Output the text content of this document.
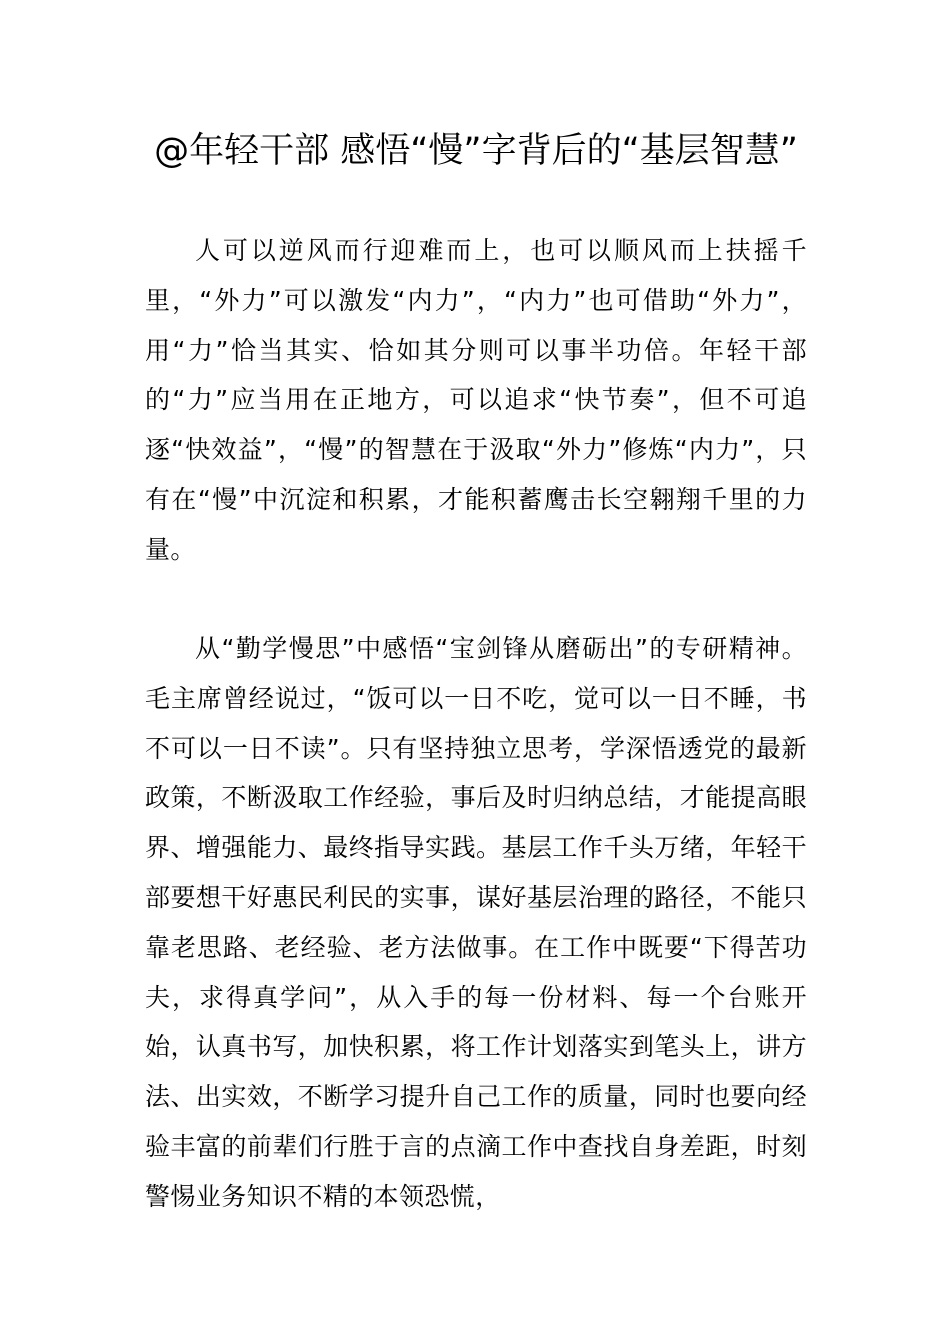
@年轻干部 感悟“慢”字背后的“基层智慧”

人可以逆风而行迎难而上，也可以顺风而上扶摇千里，“外力”可以激发“内力”，“内力”也可借助“外力”，用“力”恰当其实、恰如其分则可以事半功倍。年轻干部的“力”应当用在正地方，可以追求“快节奏”，但不可追逐“快效益”，“慢”的智慧在于汲取“外力”修炼“内力”，只有在“慢”中沉淀和积累，才能积蓄鹰击长空翱翔千里的力量。

从“勤学慢思”中感悟“宝剑锋从磨砺出”的专研精神。毛主席曾经说过，“饭可以一日不吃，觉可以一日不睡，书不可以一日不读”。只有坚持独立思考，学深悟透党的最新政策，不断汲取工作经验，事后及时归纳总结，才能提高眼界、增强能力、最终指导实践。基层工作千头万绪，年轻干部要想干好惠民利民的实事，谋好基层治理的路径，不能只靠老思路、老经验、老方法做事。在工作中既要“下得苦功夫，求得真学问”，从入手的每一份材料、每一个台账开始，认真书写，加快积累，将工作计划落实到笔头上，讲方法、出实效，不断学习提升自己工作的质量，同时也要向经验丰富的前辈们行胜于言的点滴工作中查找自身差距，时刻警惕业务知识不精的本领恐慌，
